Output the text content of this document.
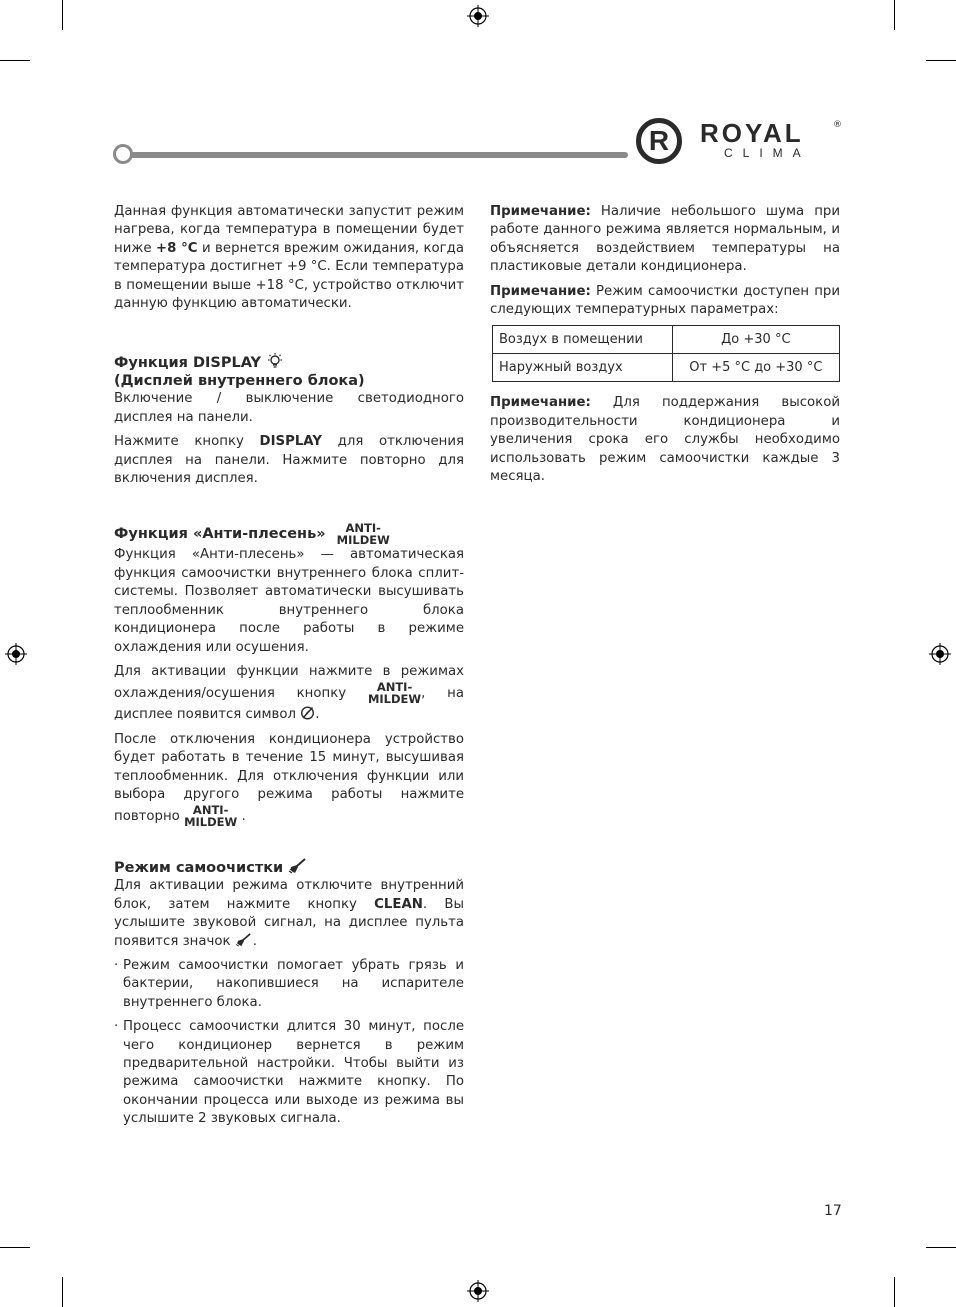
R	ROYAL	®
CLIMA

Данная функция автоматически запустит режим нагрева, когда температура в помещении будет ниже +8 °C и вернется врежим ожидания, когда температура достигнет +9 °C. Если температура в помещении выше +18 °C, устройство отключит данную функцию автоматически.

Функция DISPLAY
(Дисплей внутреннего блока)

Включение / выключение светодиодного дисплея на панели.

Нажмите кнопку DISPLAY для отключения дисплея на панели. Нажмите повторно для включения дисплея.

Функция «Анти-плесень» ANTI-
MILDEW

Функция «Анти-плесень» — автоматическая функция самоочистки внутреннего блока сплит-системы. Позволяет автоматически высушивать теплообменник внутреннего блока кондиционера после работы в режиме охлаждения или осушения.

Для активации функции нажмите в режимах охлаждения/осушения кнопку	ANTI-
MILDEW, на дисплее появится символ .

После отключения кондиционера устройство будет работать в течение 15 минут, высушивая теплообменник. Для отключения функции или выбора другого режима работы нажмите повторно ANTI-
MILDEW .

Режим самоочистки

Для активации режима отключите внутренний блок, затем нажмите кнопку CLEAN. Вы услышите звуковой сигнал, на дисплее пульта появится значок .

· Режим самоочистки помогает убрать грязь и бактерии, накопившиеся на испарителе внутреннего блока.
· Процесс самоочистки длится 30 минут, после чего кондиционер вернется в режим предварительной настройки. Чтобы выйти из режима самоочистки нажмите кнопку. По окончании процесса или выходе из режима вы услышите 2 звуковых сигнала.

Примечание: Наличие небольшого шума при работе данного режима является нормальным, и объясняется воздействием температуры на пластиковые детали кондиционера.

Примечание: Режим самоочистки доступен при следующих температурных параметрах:

Воздух в помещении	До +30 °C
Наружный воздух	От +5 °C до +30 °C

Примечание: Для поддержания высокой производительности кондиционера и увеличения срока его службы необходимо использовать режим самоочистки каждые 3 месяца.

17
